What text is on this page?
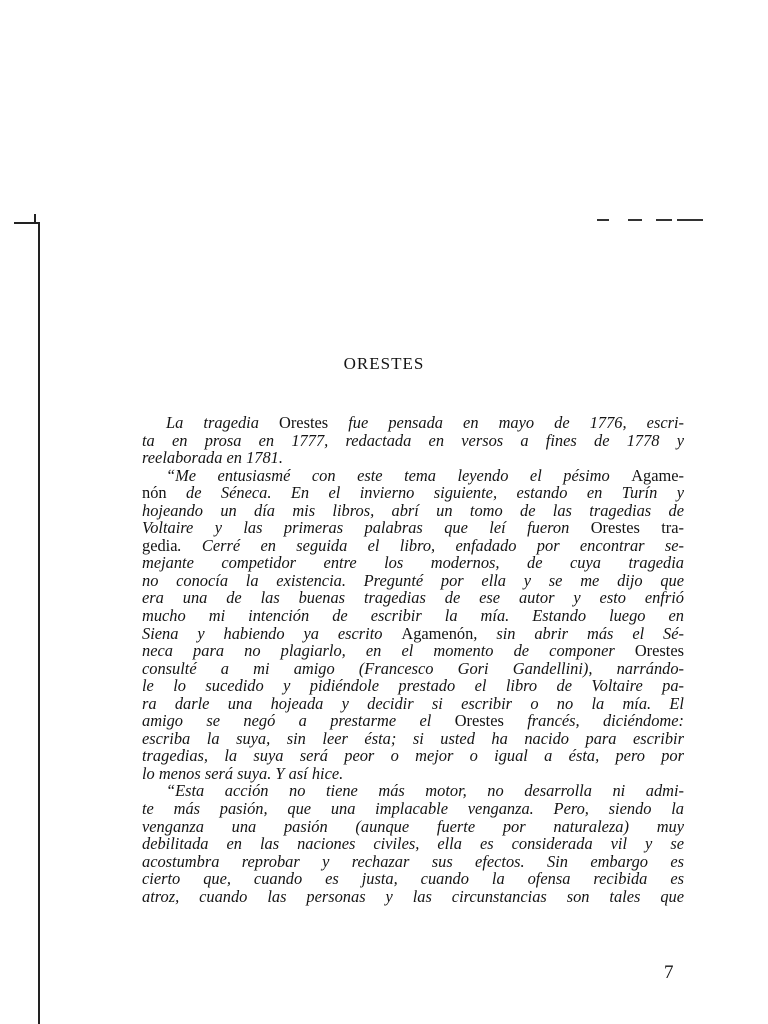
ORESTES
La tragedia Orestes fue pensada en mayo de 1776, escri-
ta en prosa en 1777, redactada en versos a fines de 1778 y
reelaborada en 1781.
“Me entusiasmé con este tema leyendo el pésimo Agame-
nón de Séneca. En el invierno siguiente, estando en Turín y
hojeando un día mis libros, abrí un tomo de las tragedias de
Voltaire y las primeras palabras que leí fueron Orestes tra-
gedia. Cerré en seguida el libro, enfadado por encontrar se-
mejante competidor entre los modernos, de cuya tragedia
no conocía la existencia. Pregunté por ella y se me dijo que
era una de las buenas tragedias de ese autor y esto enfrió
mucho mi intención de escribir la mía. Estando luego en
Siena y habiendo ya escrito Agamenón, sin abrir más el Sé-
neca para no plagiarlo, en el momento de componer Orestes
consulté a mi amigo (Francesco Gori Gandellini), narrándo-
le lo sucedido y pidiéndole prestado el libro de Voltaire pa-
ra darle una hojeada y decidir si escribir o no la mía. El
amigo se negó a prestarme el Orestes francés, diciéndome:
escriba la suya, sin leer ésta; si usted ha nacido para escribir
tragedias, la suya será peor o mejor o igual a ésta, pero por
lo menos será suya. Y así hice.
“Esta acción no tiene más motor, no desarrolla ni admi-
te más pasión, que una implacable venganza. Pero, siendo la
venganza una pasión (aunque fuerte por naturaleza) muy
debilitada en las naciones civiles, ella es considerada vil y se
acostumbra reprobar y rechazar sus efectos. Sin embargo es
cierto que, cuando es justa, cuando la ofensa recibida es
atroz, cuando las personas y las circunstancias son tales que
7
